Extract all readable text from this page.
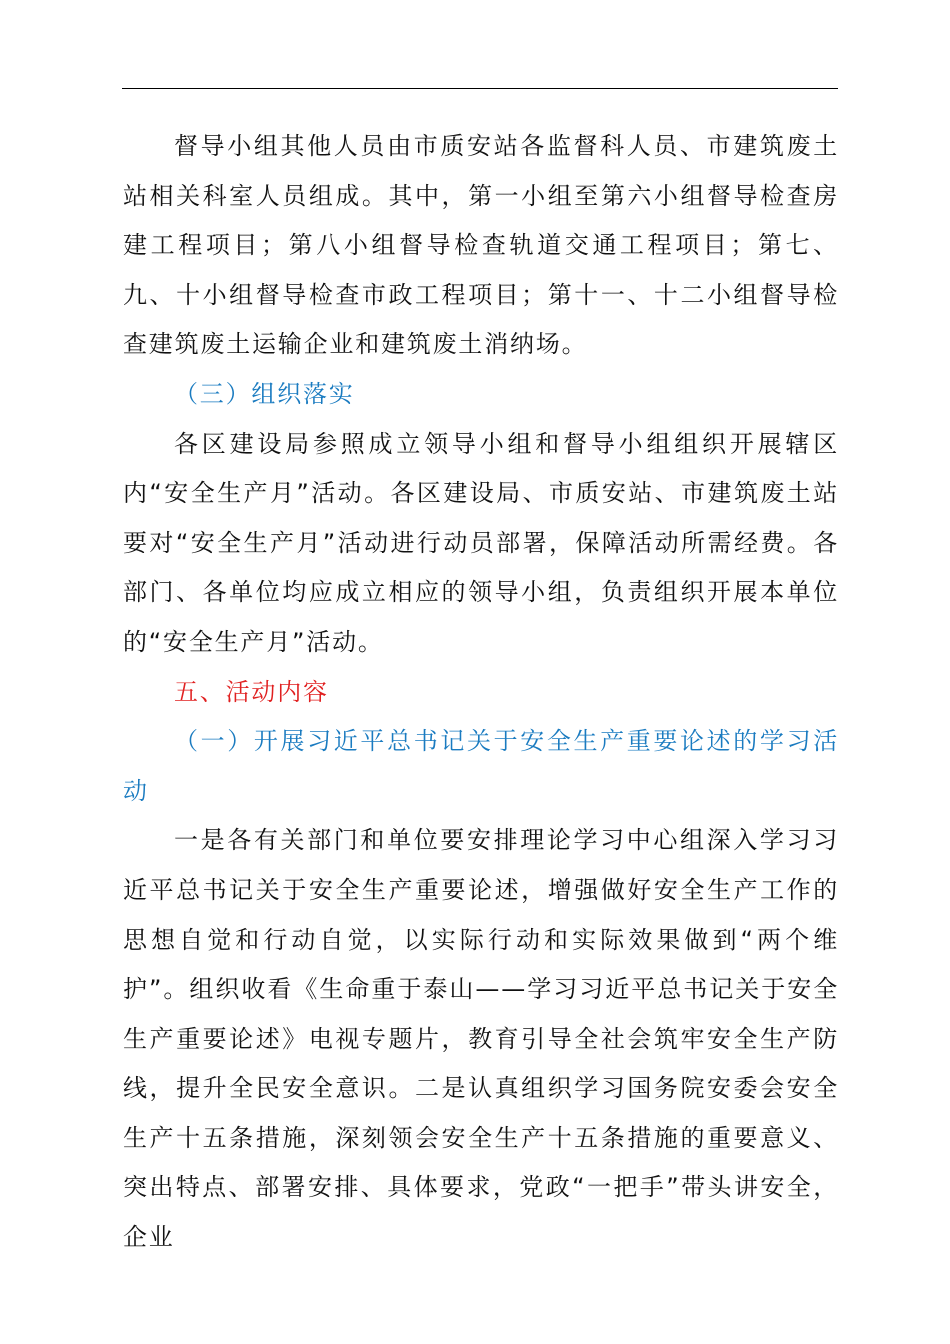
督导小组其他人员由市质安站各监督科人员、市建筑废土站相关科室人员组成。其中，第一小组至第六小组督导检查房建工程项目；第八小组督导检查轨道交通工程项目；第七、九、十小组督导检查市政工程项目；第十一、十二小组督导检查建筑废土运输企业和建筑废土消纳场。

（三）组织落实

各区建设局参照成立领导小组和督导小组组织开展辖区内“安全生产月”活动。各区建设局、市质安站、市建筑废土站要对“安全生产月”活动进行动员部署，保障活动所需经费。各部门、各单位均应成立相应的领导小组，负责组织开展本单位的“安全生产月”活动。

五、活动内容

（一）开展习近平总书记关于安全生产重要论述的学习活动

一是各有关部门和单位要安排理论学习中心组深入学习习近平总书记关于安全生产重要论述，增强做好安全生产工作的思想自觉和行动自觉，以实际行动和实际效果做到“两个维护”。组织收看《生命重于泰山——学习习近平总书记关于安全生产重要论述》电视专题片，教育引导全社会筑牢安全生产防线，提升全民安全意识。二是认真组织学习国务院安委会安全生产十五条措施，深刻领会安全生产十五条措施的重要意义、突出特点、部署安排、具体要求，党政“一把手”带头讲安全，企业
